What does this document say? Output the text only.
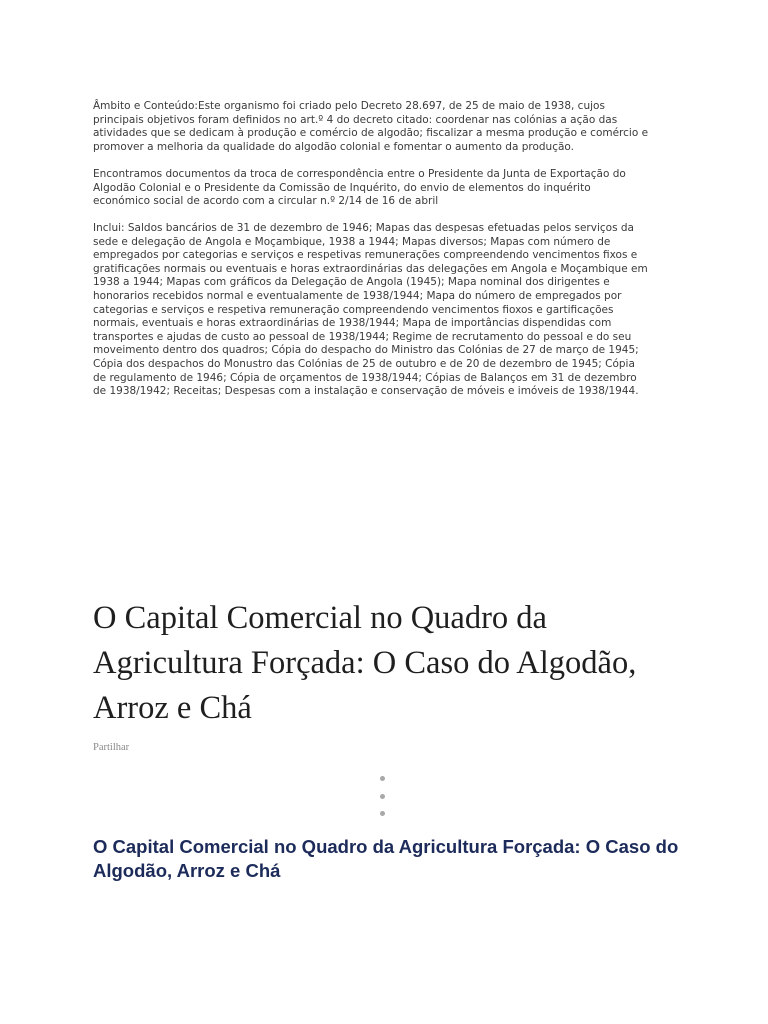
Âmbito e Conteúdo:Este organismo foi criado pelo Decreto 28.697, de 25 de maio de 1938, cujos
principais objetivos foram definidos no art.º 4 do decreto citado: coordenar nas colónias a ação das
atividades que se dedicam à produção e comércio de algodão; fiscalizar a mesma produção e comércio e
promover a melhoria da qualidade do algodão colonial e fomentar o aumento da produção.

Encontramos documentos da troca de correspondência entre o Presidente da Junta de Exportação do
Algodão Colonial e o Presidente da Comissão de Inquérito, do envio de elementos do inquérito
económico social de acordo com a circular n.º 2/14 de 16 de abril

Inclui: Saldos bancários de 31 de dezembro de 1946; Mapas das despesas efetuadas pelos serviços da
sede e delegação de Angola e Moçambique, 1938 a 1944; Mapas diversos; Mapas com número de
empregados por categorias e serviços e respetivas remunerações compreendendo vencimentos fixos e
gratificações normais ou eventuais e horas extraordinárias das delegações em Angola e Moçambique em
1938 a 1944; Mapas com gráficos da Delegação de Angola (1945); Mapa nominal dos dirigentes e
honorarios recebidos normal e eventualamente de 1938/1944; Mapa do número de empregados por
categorias e serviços e respetiva remuneração compreendendo vencimentos fioxos e gartificações
normais, eventuais e horas extraordinárias de 1938/1944; Mapa de importâncias dispendidas com
transportes e ajudas de custo ao pessoal de 1938/1944; Regime de recrutamento do pessoal e do seu
moveimento dentro dos quadros; Cópia do despacho do Ministro das Colónias de 27 de março de 1945;
Cópia dos despachos do Monustro das Colónias de 25 de outubro e de 20 de dezembro de 1945; Cópia
de regulamento de 1946; Cópia de orçamentos de 1938/1944; Cópias de Balanços em 31 de dezembro
de 1938/1942; Receitas; Despesas com a instalação e conservação de móveis e imóveis de 1938/1944.

O Capital Comercial no Quadro da Agricultura Forçada: O Caso do Algodão, Arroz e Chá
Partilhar
O Capital Comercial no Quadro da Agricultura Forçada: O Caso do Algodão, Arroz e Chá
